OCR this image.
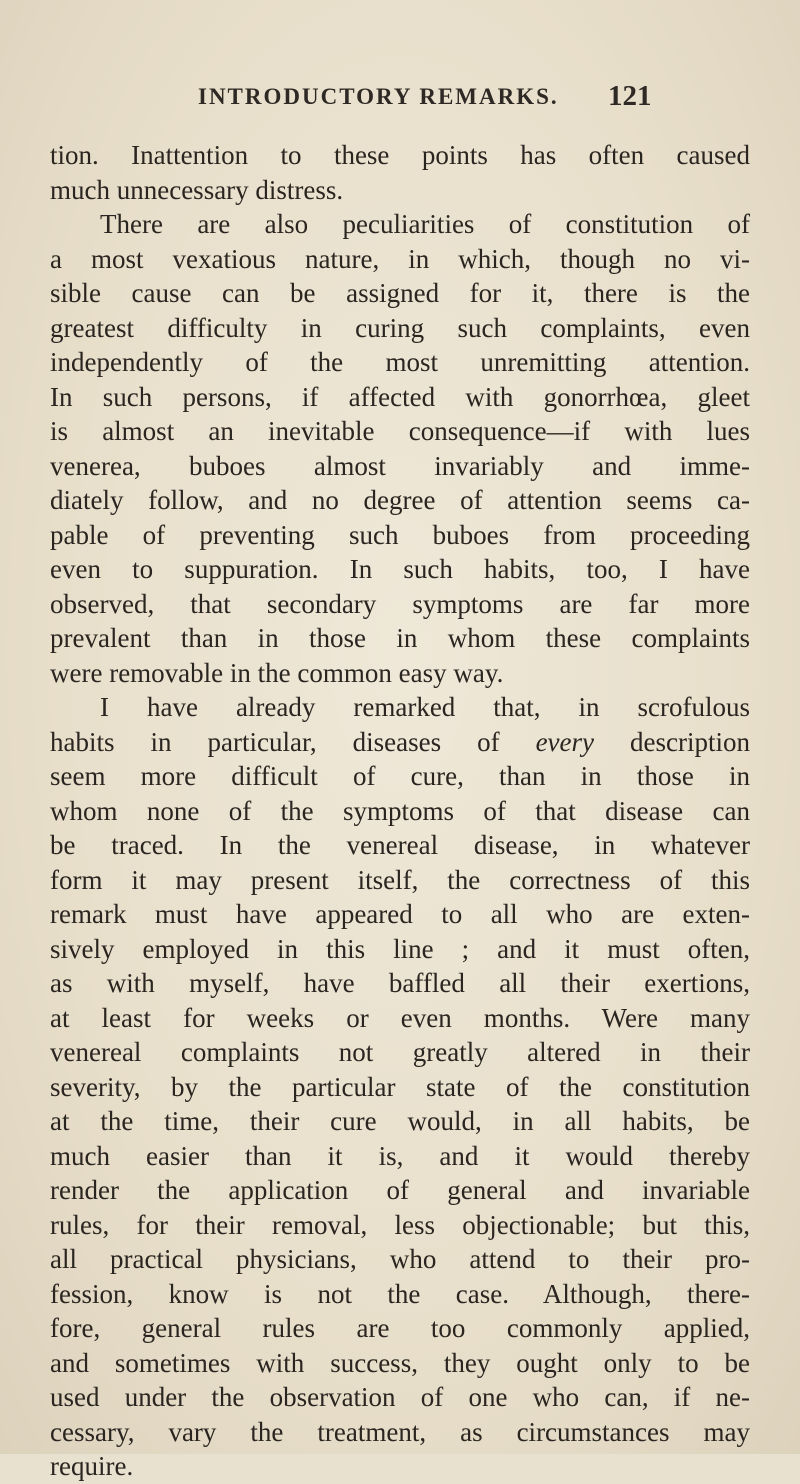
INTRODUCTORY REMARKS. 121
tion. Inattention to these points has often caused
much unnecessary distress.
There are also peculiarities of constitution of
a most vexatious nature, in which, though no vi-
sible cause can be assigned for it, there is the
greatest difficulty in curing such complaints, even
independently of the most unremitting attention.
In such persons, if affected with gonorrhœa, gleet
is almost an inevitable consequence—if with lues
venerea, buboes almost invariably and imme-
diately follow, and no degree of attention seems ca-
pable of preventing such buboes from proceeding
even to suppuration. In such habits, too, I have
observed, that secondary symptoms are far more
prevalent than in those in whom these complaints
were removable in the common easy way.
I have already remarked that, in scrofulous
habits in particular, diseases of every description
seem more difficult of cure, than in those in
whom none of the symptoms of that disease can
be traced. In the venereal disease, in whatever
form it may present itself, the correctness of this
remark must have appeared to all who are exten-
sively employed in this line ; and it must often,
as with myself, have baffled all their exertions,
at least for weeks or even months. Were many
venereal complaints not greatly altered in their
severity, by the particular state of the constitution
at the time, their cure would, in all habits, be
much easier than it is, and it would thereby
render the application of general and invariable
rules, for their removal, less objectionable; but this,
all practical physicians, who attend to their pro-
fession, know is not the case. Although, there-
fore, general rules are too commonly applied,
and sometimes with success, they ought only to be
used under the observation of one who can, if ne-
cessary, vary the treatment, as circumstances may
require.
